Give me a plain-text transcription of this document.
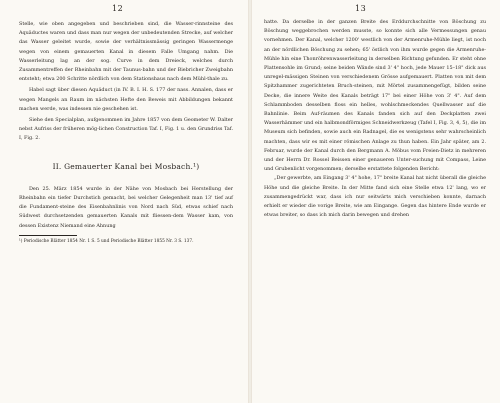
12

Stelle, wie oben angegeben und beschrieben sind, die Wasser-rinnsteine des Aquäductes waren und dass man nur wegen der unbedeutenden Strecke, auf welcher das Wasser geleitet wurde, sowie der verhältnissmässig geringen Wassermenge wegen von einem gemauerten Kanal in diesem Falle Umgang nahm. Die Wasserleitung lag an der sog. Curve in dem Dreieck, welches durch Zusammentreffen der Rheinbahn mit der Taunus-bahn und der Biebricher Zweigbahn entsteht; etwa 200 Schritte nördlich von dem Stationshaus nach dem Mühl-thale zu.

Habel sagt über diesen Aquäduct (in IV. B. I. H. S. 177 der nass. Annalen, dass er wegen Mangels an Raum im nächsten Hefte den Beweis mit Abbildungen bekannt machen werde, was indessen nie geschehen ist.

Siehe den Specialplan, aufgenommen im Jahre 1857 von dem Geometer W. Dalter nebst Aufriss der früheren mög-lichen Construction Taf. I, Fig. 1 u. den Grundriss Taf. I, Fig. 2.

II. Gemauerter Kanal bei Mosbach.¹)

Den 25. März 1854 wurde in der Nähe von Mosbach bei Herstellung der Rheinbahn ein tiefer Durchstich gemacht, bei welcher Gelegenheit man 13' tief auf die Fundament-steine des Eisenbahnlinis von Nord nach Süd, etwas schief nach Südwest durchsetzenden gemauerten Kanals mit fliessen-dem Wasser kam, von dessen Existenz Niemand eine Ahnung

¹) Periodische Blätter 1854 Nr. 1 S. 5 und Periodische Blätter 1855 Nr. 3 S. 137.

13

hatte. Da derselbe in der ganzen Breite des Erddurchschnitte von Böschung zu Böschung weggebrochen werden musste, so konnte sich alle Vermessungen genau vornehmen. Der Kanal, welcher 1200' westlich von der Armenruhe-Mühle liegt, ist noch an der nördlichen Böschung zu sehen; 65' östlich von ihm wurde gegen die Armenruhe-Mühle hin eine Thonröhrenwasserleitung in derselben Richtung gefunden. Er steht ohne Plattensohle im Grund; seine beiden Wände sind 3' 4" hoch, jede Mauer 15–18" dick aus unregel-mässigen Steinen von verschiedenem Grösse aufgemauert. Platten von mit dem Spitzhammer zugerichteten Bruch-steinen, mit Mörtel zusammengefügt, bilden seine Decke, die innere Weite des Kanals beträgt 17" bei einer Höhe von 3' 4". Auf dem Schlammboden desselben floss ein helles, wohlschmeckendes Quellwasser auf die Bahnlinie. Beim Auf-räumen des Kanals fanden sich auf den Deckplatten zwei Wasserhämmer und ein halbmondförmiges Schneidwerkzeug (Tafel I, Fig. 3, 4, 5), die im Museum sich befinden, sowie auch ein Radnagel, die es wenigstens sehr wahrscheinlich machten, dass wir es mit einer römischen Anlage zu thun haben. Ein Jahr später, am 2. Februar, wurde der Kanal durch den Bergmann A. Möbus vom Freien-Dietz in mehreren und der Herrn Dr. Rossel Beissen einer genaueren Unter-suchung mit Compass, Leine und Grubenlicht vorgenommen; derselbe erstattete folgenden Bericht:

„Der gewerbte, am Eingang 3' 4" hohe, 17" breite Kanal hat nicht überall die gleiche Höhe und die gleiche Breite. In der Mitte fand sich eine Stelle etwa 12' lang, wo er zusammengedrückt war, dass ich nur seitwärts mich verschieben konnte, darnach erhielt er wieder die vorige Breite, wie am Eingange. Gegen das hintere Ende wurde er etwas breiter, so dass ich mich darin bewegen und drehen
